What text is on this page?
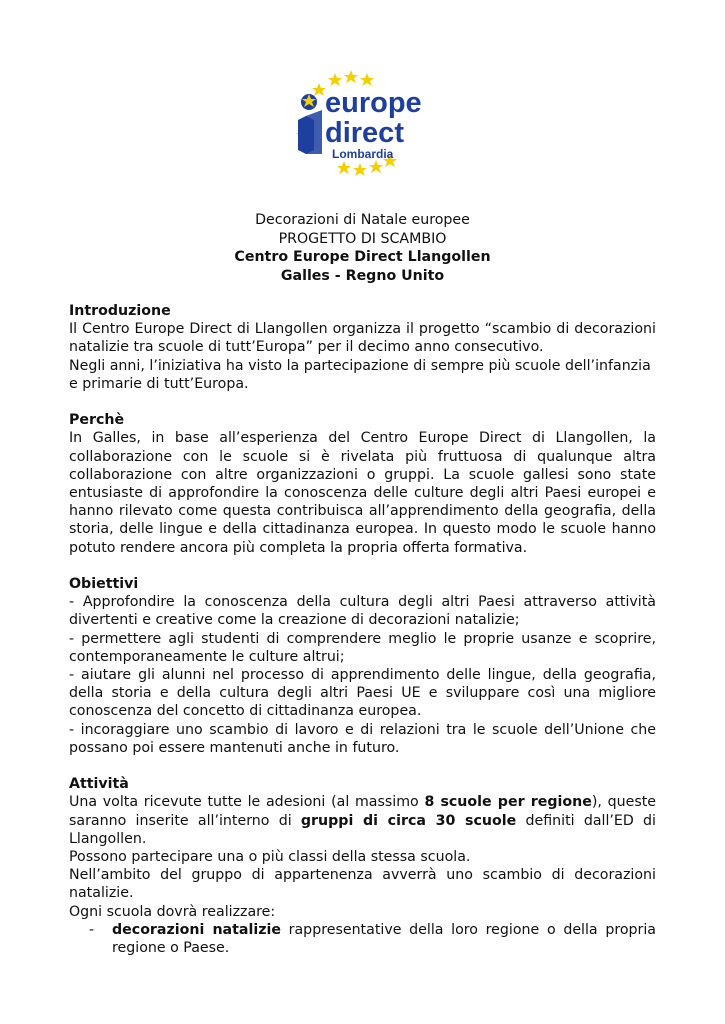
europe
direct
Lombardia
Decorazioni di Natale europee
PROGETTO DI SCAMBIO
Centro Europe Direct Llangollen
Galles - Regno Unito
Introduzione

Il Centro Europe Direct di Llangollen organizza il progetto “scambio di decorazioni natalizie tra scuole di tutt’Europa” per il decimo anno consecutivo.

Negli anni, l’iniziativa ha visto la partecipazione di sempre più scuole dell’infanzia e primarie di tutt’Europa.

Perchè

In Galles, in base all’esperienza del Centro Europe Direct di Llangollen, la collaborazione con le scuole si è rivelata più fruttuosa di qualunque altra collaborazione con altre organizzazioni o gruppi. La scuole gallesi sono state entusiaste di approfondire la conoscenza delle culture degli altri Paesi europei e hanno rilevato come questa contribuisca all’apprendimento della geografia, della storia, delle lingue e della cittadinanza europea. In questo modo le scuole hanno potuto rendere ancora più completa la propria offerta formativa.

Obiettivi

- Approfondire la conoscenza della cultura degli altri Paesi attraverso attività divertenti e creative come la creazione di decorazioni natalizie;

- permettere agli studenti di comprendere meglio le proprie usanze e scoprire, contemporaneamente le culture altrui;

- aiutare gli alunni nel processo di apprendimento delle lingue, della geografia, della storia e della cultura degli altri Paesi UE e sviluppare così una migliore conoscenza del concetto di cittadinanza europea.

- incoraggiare uno scambio di lavoro e di relazioni tra le scuole dell’Unione che possano poi essere mantenuti anche in futuro.

Attività

Una volta ricevute tutte le adesioni (al massimo 8 scuole per regione), queste saranno inserite all’interno di gruppi di circa 30 scuole definiti dall’ED di Llangollen.

Possono partecipare una o più classi della stessa scuola.

Nell’ambito del gruppo di appartenenza avverrà uno scambio di decorazioni natalizie.

Ogni scuola dovrà realizzare:

- decorazioni natalizie rappresentative della loro regione o della propria regione o Paese.
